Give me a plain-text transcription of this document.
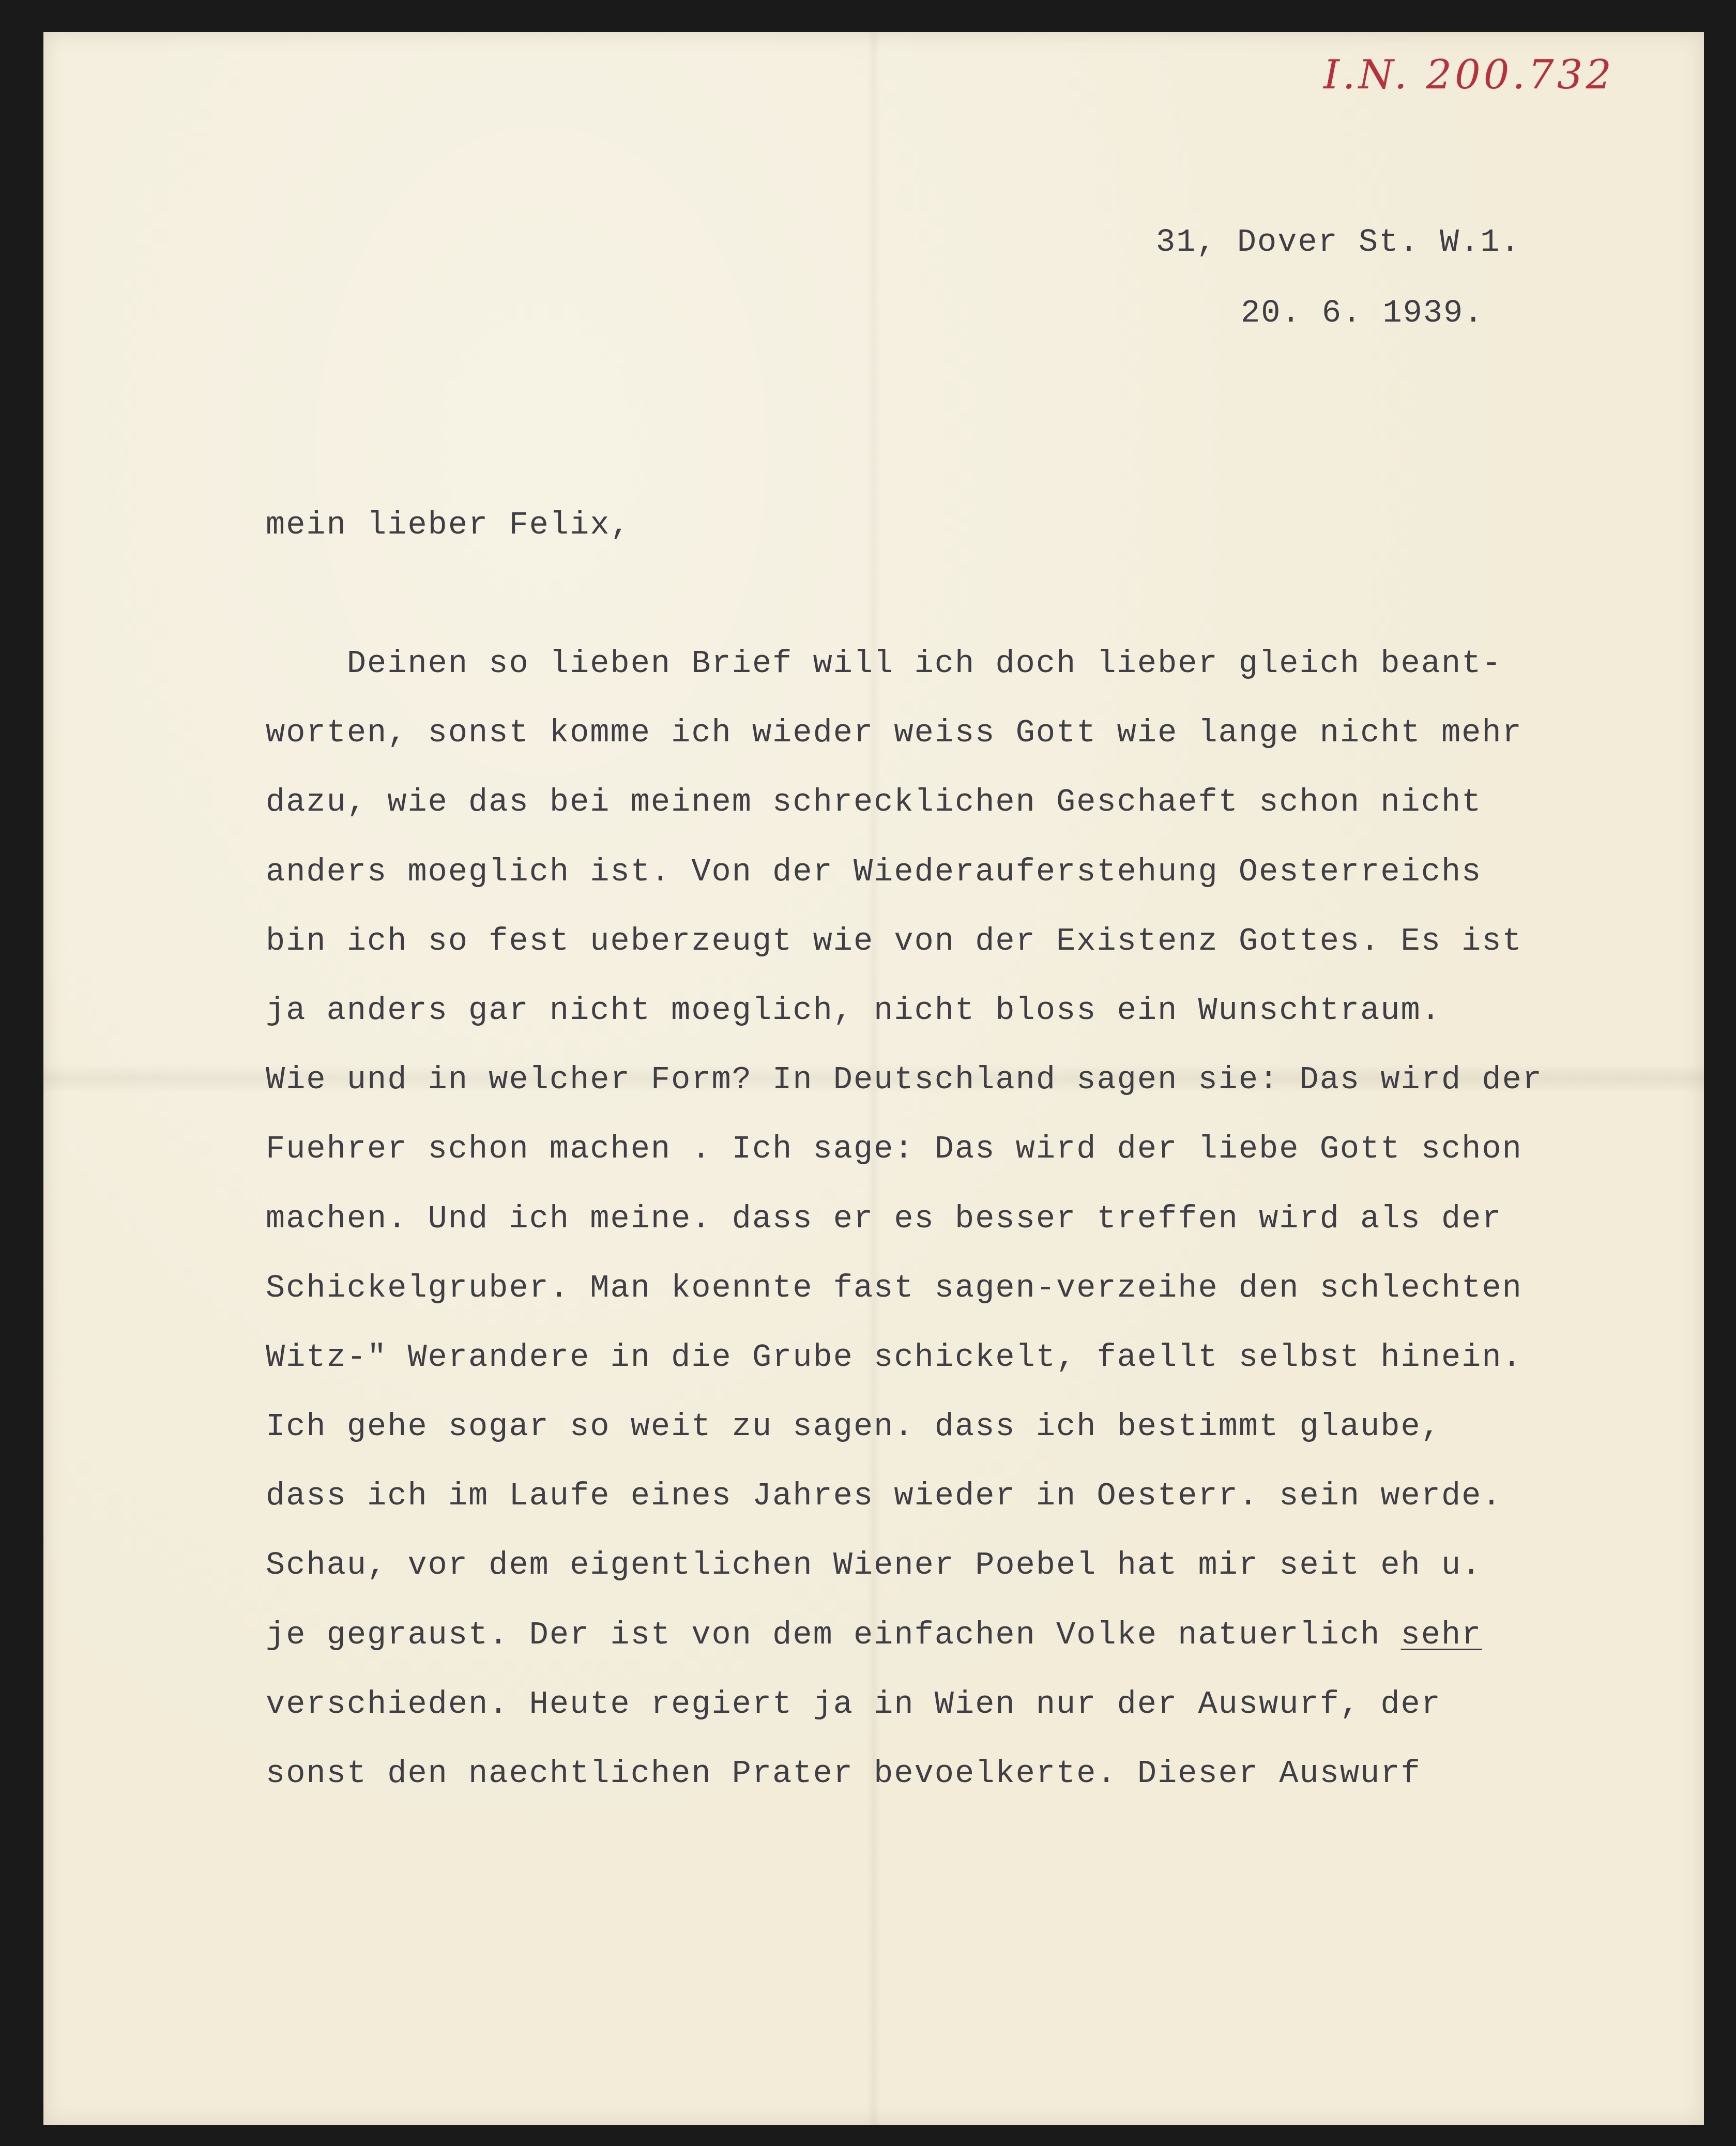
I.N. 200.732
31, Dover St. W.1.
20. 6. 1939.
mein lieber Felix,
Deinen so lieben Brief will ich doch lieber gleich beant-
worten, sonst komme ich wieder weiss Gott wie lange nicht mehr
dazu, wie das bei meinem schrecklichen Geschaeft schon nicht
anders moeglich ist. Von der Wiederauferstehung Oesterreichs
bin ich so fest ueberzeugt wie von der Existenz Gottes. Es ist
ja anders gar nicht moeglich, nicht bloss ein Wunschtraum.
Wie und in welcher Form? In Deutschland sagen sie: Das wird der
Fuehrer schon machen . Ich sage: Das wird der liebe Gott schon
machen. Und ich meine. dass er es besser treffen wird als der
Schickelgruber. Man koennte fast sagen-verzeihe den schlechten
Witz-" Werandere in die Grube schickelt, faellt selbst hinein.
Ich gehe sogar so weit zu sagen. dass ich bestimmt glaube,
dass ich im Laufe eines Jahres wieder in Oesterr. sein werde.
Schau, vor dem eigentlichen Wiener Poebel hat mir seit eh u.
je gegraust. Der ist von dem einfachen Volke natuerlich sehr
verschieden. Heute regiert ja in Wien nur der Auswurf, der
sonst den naechtlichen Prater bevoelkerte. Dieser Auswurf
